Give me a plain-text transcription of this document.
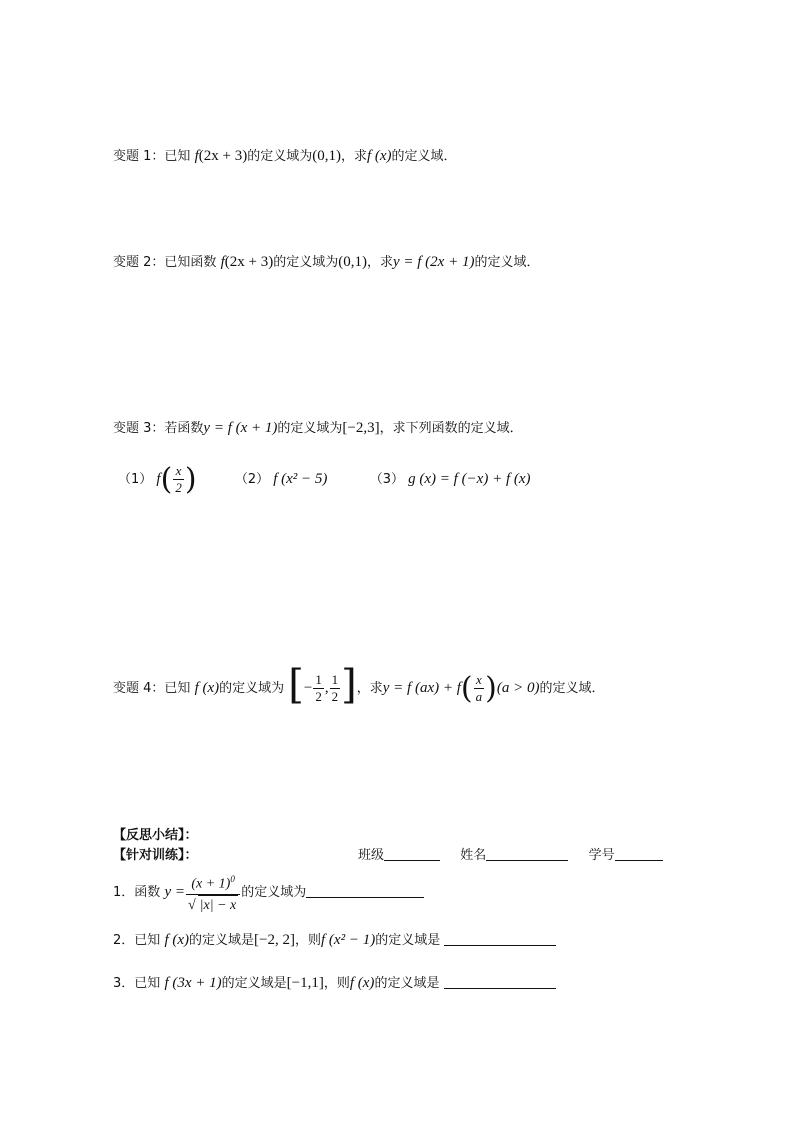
变题 1：已知 f(2x + 3)的定义域为(0,1)，求f (x)的定义域．
变题 2：已知函数 f(2x + 3)的定义域为(0,1)，求y = f (2x + 1)的定义域．
变题 3：若函数y = f (x + 1)的定义域为[−2,3]，求下列函数的定义域．
（1） $f( \frac{x}{2}$ )	（2） f (x² − 5)	（3） g (x) = f (−x) + f (x)
变题 4：已知 f (x)的定义域为 [− $\frac{1}{2}$ , $\frac{1}{2}$ ]，求y = f $(ax) + f( \frac{x}{a} )(a > 0)$的定义域．
【反思小结】：
【针对训练】：	班级	姓名	学号
1．函数 $y = \frac{(x + 1)^0}{√ |x| - x}$ 的定义域为
2．已知 f (x)的定义域是[−2, 2]，则f (x² − 1)的定义域是
3．已知 f (3x + 1)的定义域是[−1,1]，则f (x)的定义域是
